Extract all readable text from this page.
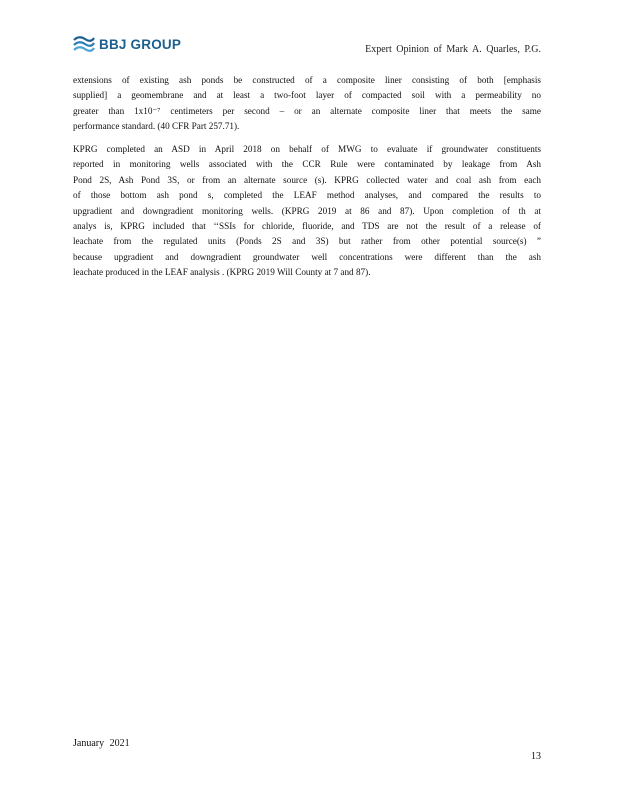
BBJ GROUP	Expert Opinion of Mark A. Quarles, P.G.
extensions of existing ash ponds be constructed of a composite liner consisting of both [emphasis
supplied] a geomembrane and at least a two-foot layer of compacted soil with a permeability no
greater than 1x10⁻⁷ centimeters per second – or an alternate composite liner that meets the same
performance standard. (40 CFR Part 257.71).
KPRG completed an ASD in April 2018 on behalf of MWG to evaluate if groundwater constituents
reported in monitoring wells associated with the CCR Rule were contaminated by leakage from Ash
Pond 2S, Ash Pond 3S, or from an alternate source (s). KPRG collected water and coal ash from each
of those bottom ash pond s, completed the LEAF method analyses, and compared the results to
upgradient and downgradient monitoring wells. (KPRG 2019 at 86 and 87). Upon completion of th at
analys is, KPRG included that ‘‘SSIs for chloride, fluoride, and TDS are not the result of a release of
leachate from the regulated units (Ponds 2S and 3S) but rather from other potential source(s) ”
because upgradient and downgradient groundwater well concentrations were different than the ash
leachate produced in the LEAF analysis . (KPRG 2019 Will County at 7 and 87).
January 2021
13
